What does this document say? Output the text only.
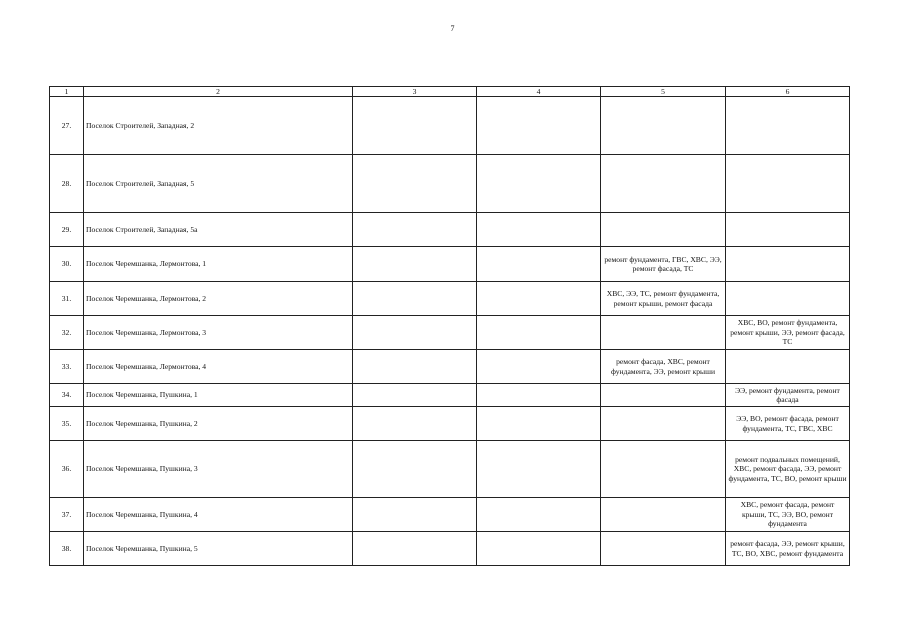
7
1	2	3	4	5	6
27.	Поселок Строителей, Западная, 2				
28.	Поселок Строителей, Западная, 5				
29.	Поселок Строителей, Западная, 5а				
30.	Поселок Черемшанка, Лермонтова, 1			ремонт фундамента, ГВС, ХВС, ЭЭ, ремонт фасада, ТС	
31.	Поселок Черемшанка, Лермонтова, 2			ХВС, ЭЭ, ТС, ремонт фундамента, ремонт крыши, ремонт фасада	
32.	Поселок Черемшанка, Лермонтова, 3				ХВС, ВО, ремонт фундамента, ремонт крыши, ЭЭ, ремонт фасада, ТС
33.	Поселок Черемшанка, Лермонтова, 4			ремонт фасада, ХВС, ремонт фундамента, ЭЭ, ремонт крыши	
34.	Поселок Черемшанка, Пушкина, 1				ЭЭ, ремонт фундамента, ремонт фасада
35.	Поселок Черемшанка, Пушкина, 2				ЭЭ, ВО, ремонт фасада, ремонт фундамента, ТС, ГВС, ХВС
36.	Поселок Черемшанка, Пушкина, 3				ремонт подвальных помещений, ХВС, ремонт фасада, ЭЭ, ремонт фундамента, ТС, ВО, ремонт крыши
37.	Поселок Черемшанка, Пушкина, 4				ХВС, ремонт фасада, ремонт крыши, ТС, ЭЭ, ВО, ремонт фундамента
38.	Поселок Черемшанка, Пушкина, 5				ремонт фасада, ЭЭ, ремонт крыши, ТС, ВО, ХВС, ремонт фундамента
